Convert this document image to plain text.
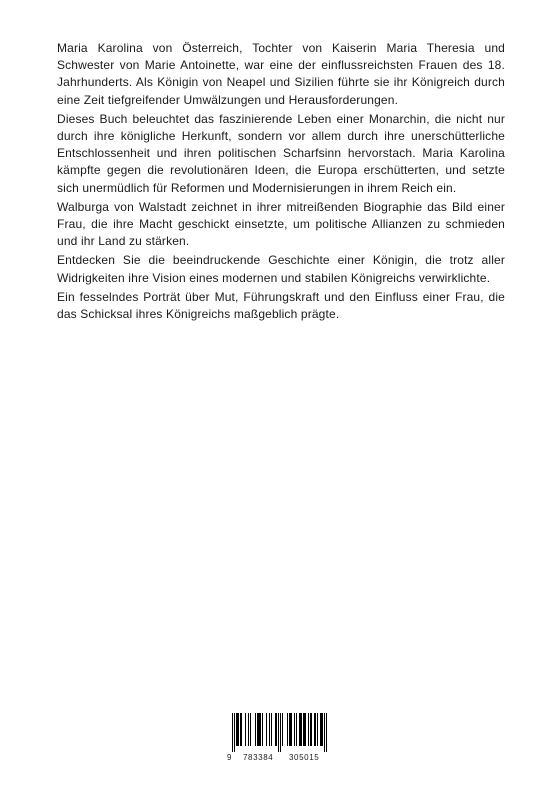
Maria Karolina von Österreich, Tochter von Kaiserin Maria Theresia und Schwester von Marie Antoinette, war eine der einflussreichsten Frauen des 18. Jahrhunderts. Als Königin von Neapel und Sizilien führte sie ihr Königreich durch eine Zeit tiefgreifender Umwälzungen und Herausforderungen.

Dieses Buch beleuchtet das faszinierende Leben einer Monarchin, die nicht nur durch ihre königliche Herkunft, sondern vor allem durch ihre unerschütterliche Entschlossenheit und ihren politischen Scharfsinn hervorstach. Maria Karolina kämpfte gegen die revolutionären Ideen, die Europa erschütterten, und setzte sich unermüdlich für Reformen und Modernisierungen in ihrem Reich ein.

Walburga von Walstadt zeichnet in ihrer mitreißenden Biographie das Bild einer Frau, die ihre Macht geschickt einsetzte, um politische Allianzen zu schmieden und ihr Land zu stärken.

Entdecken Sie die beeindruckende Geschichte einer Königin, die trotz aller Widrigkeiten ihre Vision eines modernen und stabilen Königreichs verwirklichte.

Ein fesselndes Porträt über Mut, Führungskraft und den Einfluss einer Frau, die das Schicksal ihres Königreichs maßgeblich prägte.

9 783384 305015
